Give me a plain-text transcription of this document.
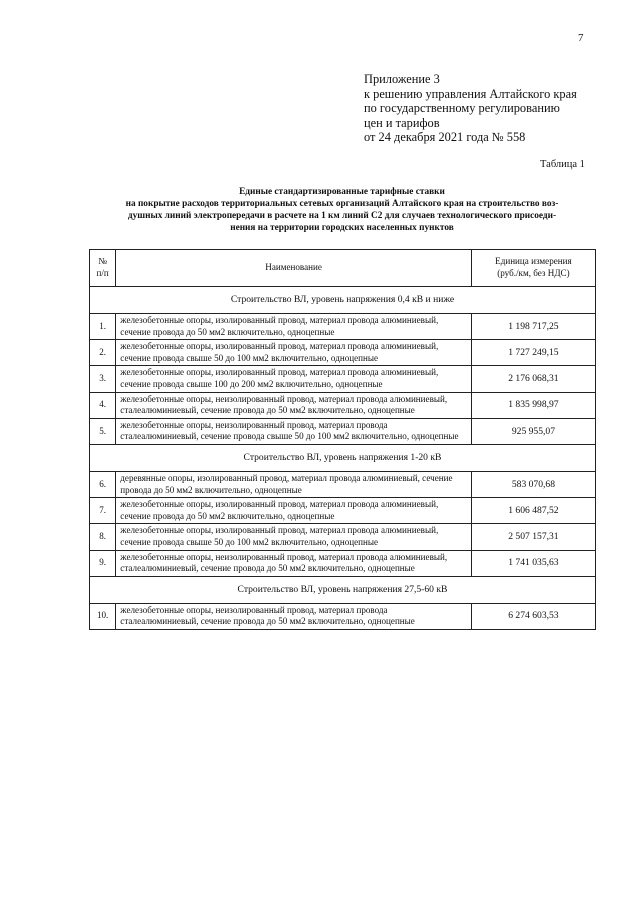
7
Приложение 3
к решению управления Алтайского края
по государственному регулированию
цен и тарифов
от 24 декабря 2021 года № 558
Таблица 1
Единые стандартизированные тарифные ставки
на покрытие расходов территориальных сетевых организаций Алтайского края на строительство воз-
душных линий электропередачи в расчете на 1 км линий С2 для случаев технологического присоеди-
нения на территории городских населенных пунктов
№
п/п	Наименование	Единица измерения
(руб./км, без НДС)
Строительство ВЛ, уровень напряжения 0,4 кВ и ниже		
1.	железобетонные опоры, изолированный провод, материал провода алюминиевый, сечение провода до 50 мм2 включительно, одноцепные	1 198 717,25
2.	железобетонные опоры, изолированный провод, материал провода алюминиевый, сечение провода свыше 50 до 100 мм2 включительно, одноцепные	1 727 249,15
3.	железобетонные опоры, изолированный провод, материал провода алюминиевый, сечение провода свыше 100 до 200 мм2 включительно, одноцепные	2 176 068,31
4.	железобетонные опоры, неизолированный провод, материал провода алюминиевый, сталеалюминиевый, сечение провода до 50 мм2 включительно, одноцепные	1 835 998,97
5.	железобетонные опоры, неизолированный провод, материал провода сталеалюминиевый, сечение провода свыше 50 до 100 мм2 включительно, одноцепные	925 955,07
Строительство ВЛ, уровень напряжения 1-20 кВ		
6.	деревянные опоры, изолированный провод, материал провода алюминиевый, сечение провода до 50 мм2 включительно, одноцепные	583 070,68
7.	железобетонные опоры, изолированный провод, материал провода алюминиевый, сечение провода до 50 мм2 включительно, одноцепные	1 606 487,52
8.	железобетонные опоры, изолированный провод, материал провода алюминиевый, сечение провода свыше 50 до 100 мм2 включительно, одноцепные	2 507 157,31
9.	железобетонные опоры, неизолированный провод, материал провода алюминиевый, сталеалюминиевый, сечение провода до 50 мм2 включительно, одноцепные	1 741 035,63
Строительство ВЛ, уровень напряжения 27,5-60 кВ		
10.	железобетонные опоры, неизолированный провод, материал провода сталеалюминиевый, сечение провода до 50 мм2 включительно, одноцепные	6 274 603,53
